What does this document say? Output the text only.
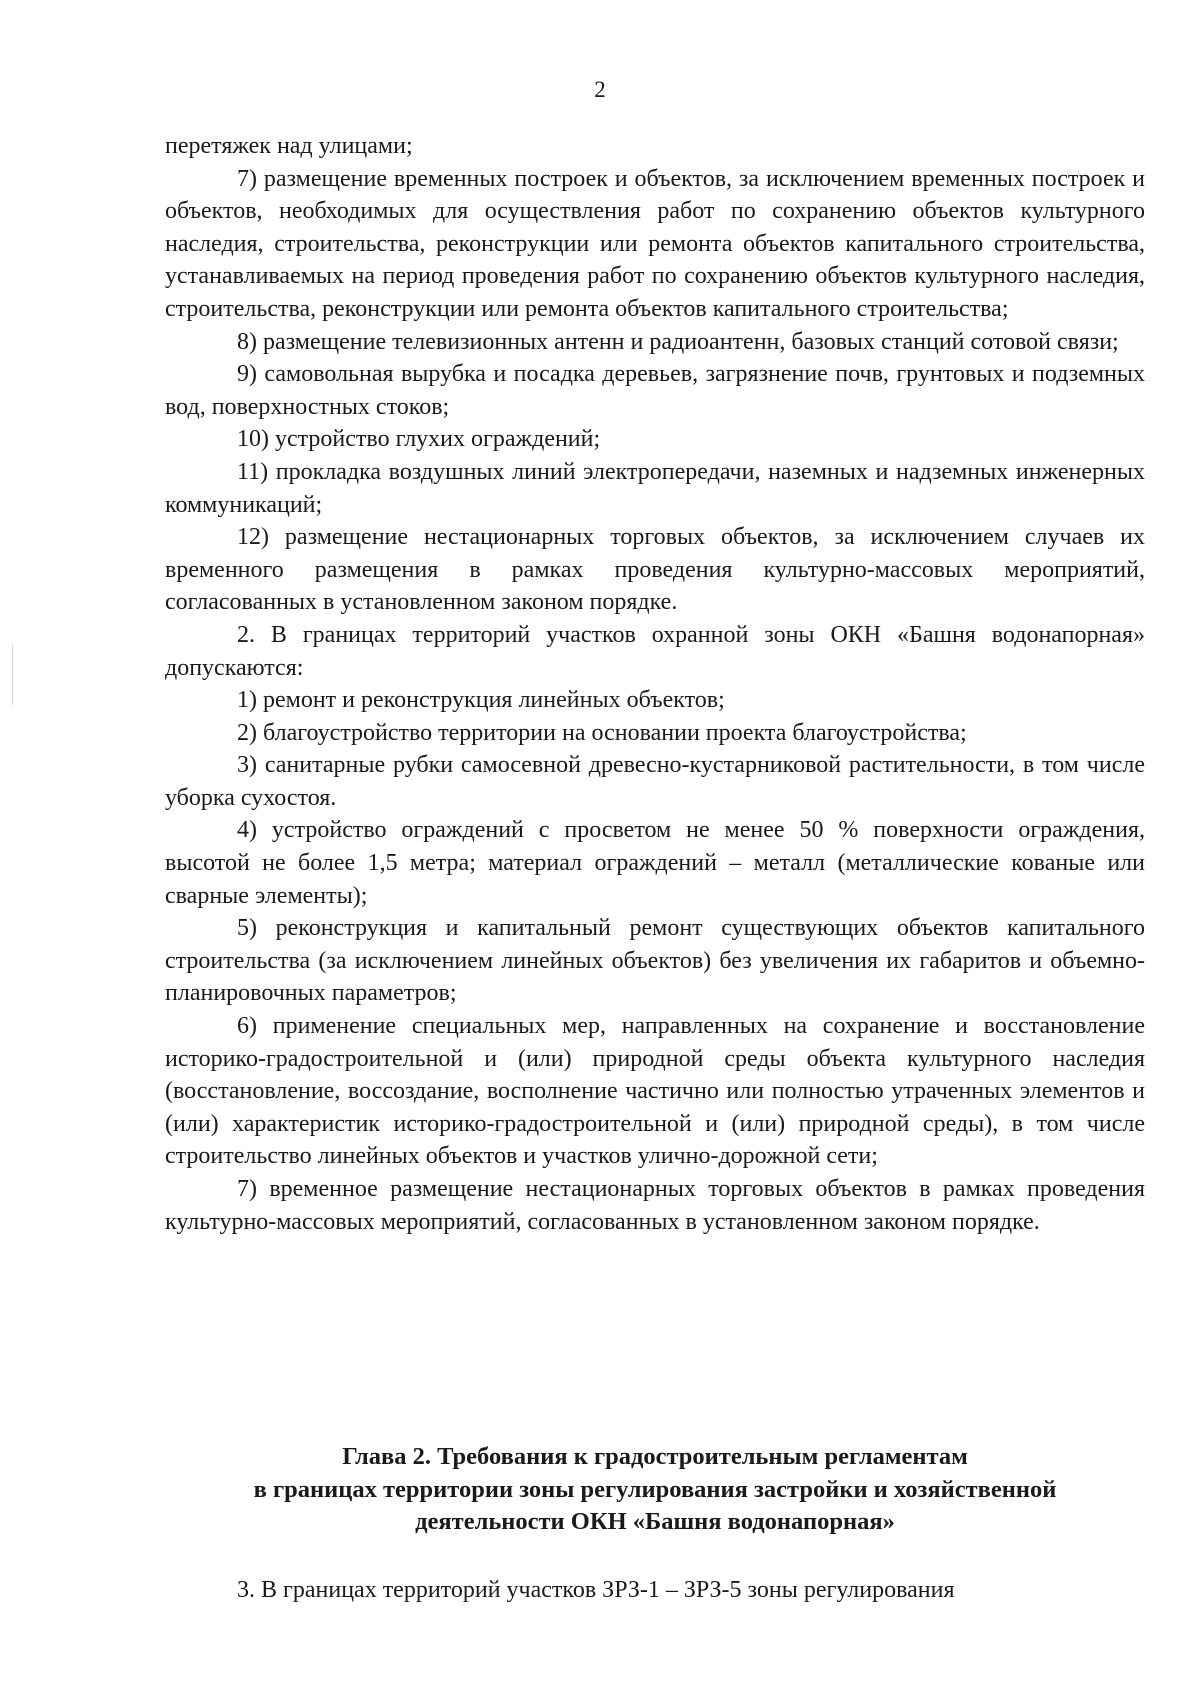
2

перетяжек над улицами;

7) размещение временных построек и объектов, за исключением временных построек и объектов, необходимых для осуществления работ по сохранению объектов культурного наследия, строительства, реконструкции или ремонта объектов капитального строительства, устанавливаемых на период проведения работ по сохранению объектов культурного наследия, строительства, реконструкции или ремонта объектов капитального строительства;

8) размещение телевизионных антенн и радиоантенн, базовых станций сотовой связи;

9) самовольная вырубка и посадка деревьев, загрязнение почв, грунтовых и подземных вод, поверхностных стоков;

10) устройство глухих ограждений;

11) прокладка воздушных линий электропередачи, наземных и надземных инженерных коммуникаций;

12) размещение нестационарных торговых объектов, за исключением случаев их временного размещения в рамках проведения культурно-массовых мероприятий, согласованных в установленном законом порядке.

2. В границах территорий участков охранной зоны ОКН «Башня водонапорная» допускаются:

1) ремонт и реконструкция линейных объектов;

2) благоустройство территории на основании проекта благоустройства;

3) санитарные рубки самосевной древесно-кустарниковой растительности, в том числе уборка сухостоя.

4) устройство ограждений с просветом не менее 50 % поверхности ограждения, высотой не более 1,5 метра; материал ограждений – металл (металлические кованые или сварные элементы);

5) реконструкция и капитальный ремонт существующих объектов капитального строительства (за исключением линейных объектов) без увеличения их габаритов и объемно-планировочных параметров;

6) применение специальных мер, направленных на сохранение и восстановление историко-градостроительной и (или) природной среды объекта культурного наследия (восстановление, воссоздание, восполнение частично или полностью утраченных элементов и (или) характеристик историко-градостроительной и (или) природной среды), в том числе строительство линейных объектов и участков улично-дорожной сети;

7) временное размещение нестационарных торговых объектов в рамках проведения культурно-массовых мероприятий, согласованных в установленном законом порядке.

Глава 2. Требования к градостроительным регламентам
в границах территории зоны регулирования застройки и хозяйственной
деятельности ОКН «Башня водонапорная»

3. В границах территорий участков ЗРЗ-1 – ЗРЗ-5 зоны регулирования
